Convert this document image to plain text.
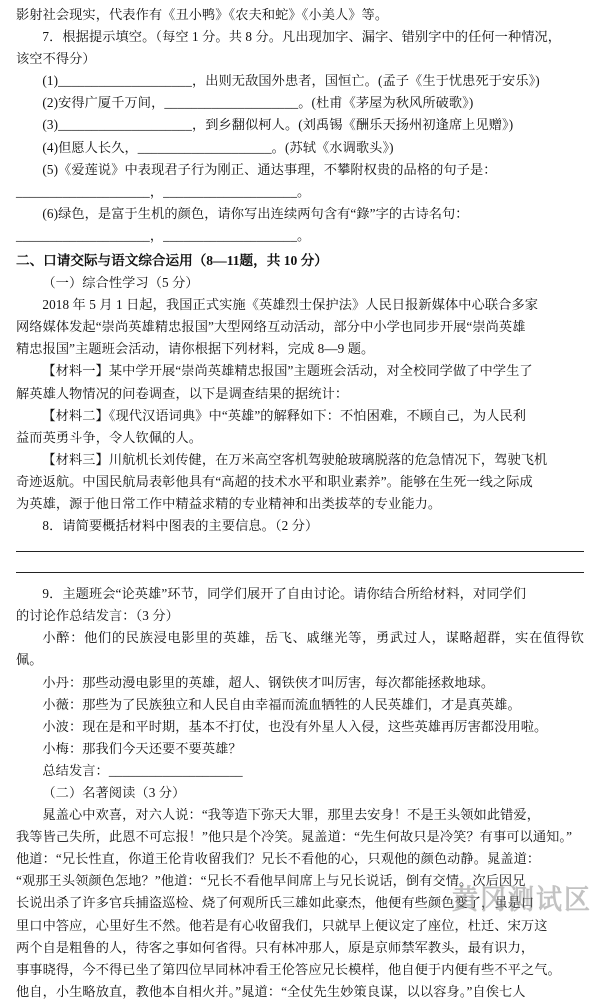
影射社会现实，代表作有《丑小鸭》《农夫和蛇》《小美人》等。

7．根据提示填空。（每空 1 分。共 8 分。凡出现加字、漏字、错别字中的任何一种情况，

该空不得分）

(1)____________________，出则无敌国外患者，国恒亡。(孟子《生于忧患死于安乐》)

(2)安得广厦千万间，____________________。(杜甫《茅屋为秋风所破歌》)

(3)____________________，到乡翻似柯人。(刘禹锡《酬乐天扬州初逢席上见赠》)

(4)但愿人长久，____________________。(苏轼《水调歌头》)

(5)《爱莲说》中表现君子行为刚正、通达事理，不攀附权贵的品格的句子是：

____________________，____________________。

(6)绿色，是富于生机的颜色，请你写出连续两句含有“錄”字的古诗名句：

____________________，____________________。

二、口请交际与语文综合运用（8—11题，共 10 分）

（一）综合性学习（5 分）

2018 年 5 月 1 日起，我国正式实施《英雄烈士保护法》人民日报新媒体中心联合多家

网络媒体发起“崇尚英雄精忠报国”大型网络互动活动，部分中小学也同步开展“崇尚英雄

精忠报国”主题班会活动，请你根据下列材料，完成 8—9 题。

【材料一】某中学开展“崇尚英雄精忠报国”主题班会活动，对全校同学做了中学生了

解英雄人物情况的问卷调查，以下是调查结果的据统计：

【材料二】《现代汉语词典》中“英雄”的解释如下：不怕困难，不顾自己，为人民利

益而英勇斗争，令人钦佩的人。

【材料三】川航机长刘传健，在万米高空客机驾驶舱玻璃脱落的危急情况下，驾驶飞机

奇迹返航。中国民航局表彰他具有“高超的技术水平和职业素养”。能够在生死一线之际成

为英雄，源于他日常工作中精益求精的专业精神和出类拔萃的专业能力。

8．请简要概括材料中图表的主要信息。（2 分）

9．主题班会“论英雄”环节，同学们展开了自由讨论。请你结合所给材料，对同学们

的讨论作总结发言：（3 分）

小醉：他们的民族浸电影里的英雄，岳飞、戚继光等，勇武过人，谋略超群，实在值得钦佩。

小丹：那些动漫电影里的英雄，超人、钢铁侠才叫厉害，每次都能拯救地球。

小薇：那些为了民族独立和人民自由幸福而流血牺牲的人民英雄们，才是真英雄。

小波：现在是和平时期，基本不打仗，也没有外星人入侵，这些英雄再厉害都没用啦。

小梅：那我们今天还要不要英雄？

总结发言：____________________

（二）名著阅读（3 分）

晁盖心中欢喜，对六人说：“我等造下弥天大罪，那里去安身！不是王头领如此错爱，

我等皆己失所，此恩不可忘报！”他只是个冷笑。晁盖道：“先生何故只是冷笑？有事可以通知。”

他道：“兄长性直，你道王伦肯收留我们？兄长不看他的心，只观他的颜色动静。晁盖道：

“观那王头领颜色怎地？”他道：“兄长不看他早间席上与兄长说话，倒有交情。次后因兄

长说出杀了许多官兵捕盗巡检、烧了何观所氏三雄如此豪杰，他便有些颜色变了，虽是口

里口中答应，心里好生不然。他若是有心收留我们，只就早上便议定了座位，杜迁、宋万这

两个自是粗鲁的人，待客之事如何省得。只有林冲那人，原是京师禁军教头，最有识力，

事事晓得，今不得已坐了第四位早同林冲看王伦答应兄长模样，他自便于内便有些不平之气。

他自，小生略放直，教他本自相火并。”晁道：“全仗先生妙策良谋，以以容身。”自俟七人

黄冈测试区
